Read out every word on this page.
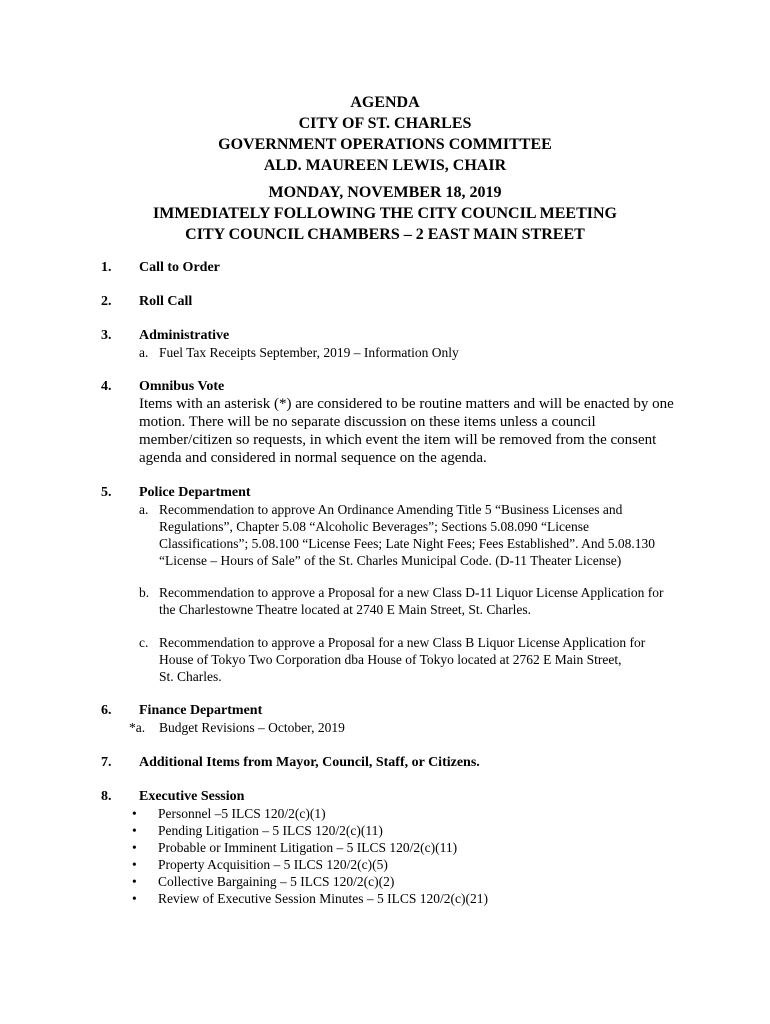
AGENDA
CITY OF ST. CHARLES
GOVERNMENT OPERATIONS COMMITTEE
ALD. MAUREEN LEWIS, CHAIR
MONDAY, NOVEMBER 18, 2019
IMMEDIATELY FOLLOWING THE CITY COUNCIL MEETING
CITY COUNCIL CHAMBERS – 2 EAST MAIN STREET
1. Call to Order
2. Roll Call
3. Administrative
a. Fuel Tax Receipts September, 2019 – Information Only
4. Omnibus Vote
Items with an asterisk (*) are considered to be routine matters and will be enacted by one
motion. There will be no separate discussion on these items unless a council
member/citizen so requests, in which event the item will be removed from the consent
agenda and considered in normal sequence on the agenda.
5. Police Department
a. Recommendation to approve An Ordinance Amending Title 5 “Business Licenses and
Regulations”, Chapter 5.08 “Alcoholic Beverages”; Sections 5.08.090 “License
Classifications”; 5.08.100 “License Fees; Late Night Fees; Fees Established”. And 5.08.130
“License – Hours of Sale” of the St. Charles Municipal Code. (D-11 Theater License)
b. Recommendation to approve a Proposal for a new Class D-11 Liquor License Application for
the Charlestowne Theatre located at 2740 E Main Street, St. Charles.
c. Recommendation to approve a Proposal for a new Class B Liquor License Application for
House of Tokyo Two Corporation dba House of Tokyo located at 2762 E Main Street,
St. Charles.
6. Finance Department
*a. Budget Revisions – October, 2019
7. Additional Items from Mayor, Council, Staff, or Citizens.
8. Executive Session
• Personnel –5 ILCS 120/2(c)(1)
• Pending Litigation – 5 ILCS 120/2(c)(11)
• Probable or Imminent Litigation – 5 ILCS 120/2(c)(11)
• Property Acquisition – 5 ILCS 120/2(c)(5)
• Collective Bargaining – 5 ILCS 120/2(c)(2)
• Review of Executive Session Minutes – 5 ILCS 120/2(c)(21)
